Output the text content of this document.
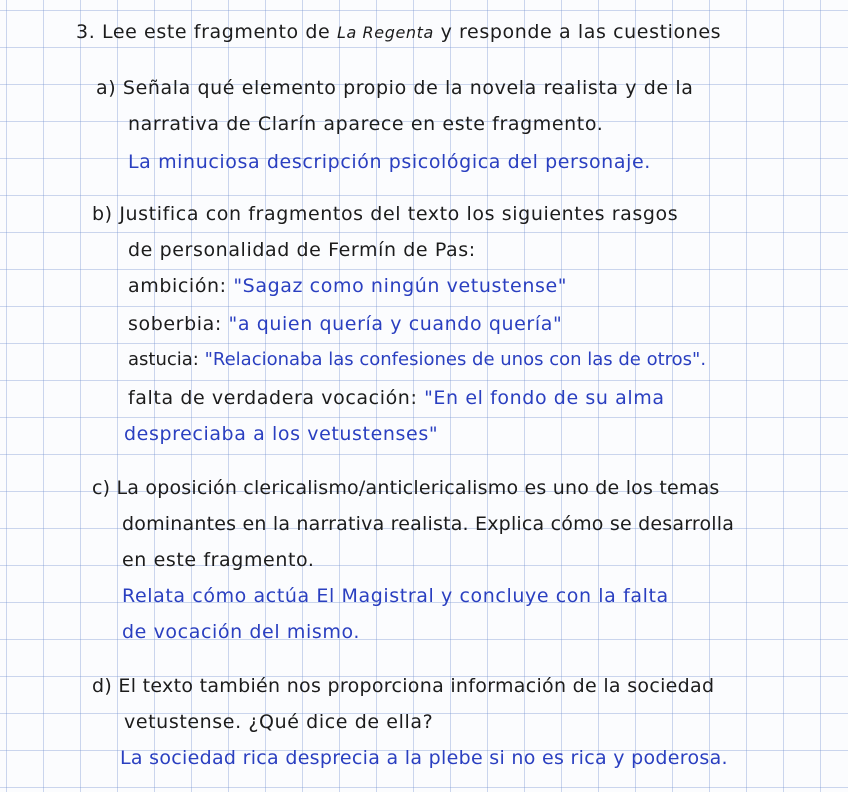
3. Lee este fragmento de La Regenta y responde a las cuestiones
a) Señala qué elemento propio de la novela realista y de la
narrativa de Clarín aparece en este fragmento.
La minuciosa descripción psicológica del personaje.
b) Justifica con fragmentos del texto los siguientes rasgos
de personalidad de Fermín de Pas:
ambición: "Sagaz como ningún vetustense"
soberbia: "a quien quería y cuando quería"
astucia: "Relacionaba las confesiones de unos con las de otros".
falta de verdadera vocación: "En el fondo de su alma
despreciaba a los vetustenses"
c) La oposición clericalismo/anticlericalismo es uno de los temas
dominantes en la narrativa realista. Explica cómo se desarrolla
en este fragmento.
Relata cómo actúa El Magistral y concluye con la falta
de vocación del mismo.
d) El texto también nos proporciona información de la sociedad
vetustense. ¿Qué dice de ella?
La sociedad rica desprecia a la plebe si no es rica y poderosa.
